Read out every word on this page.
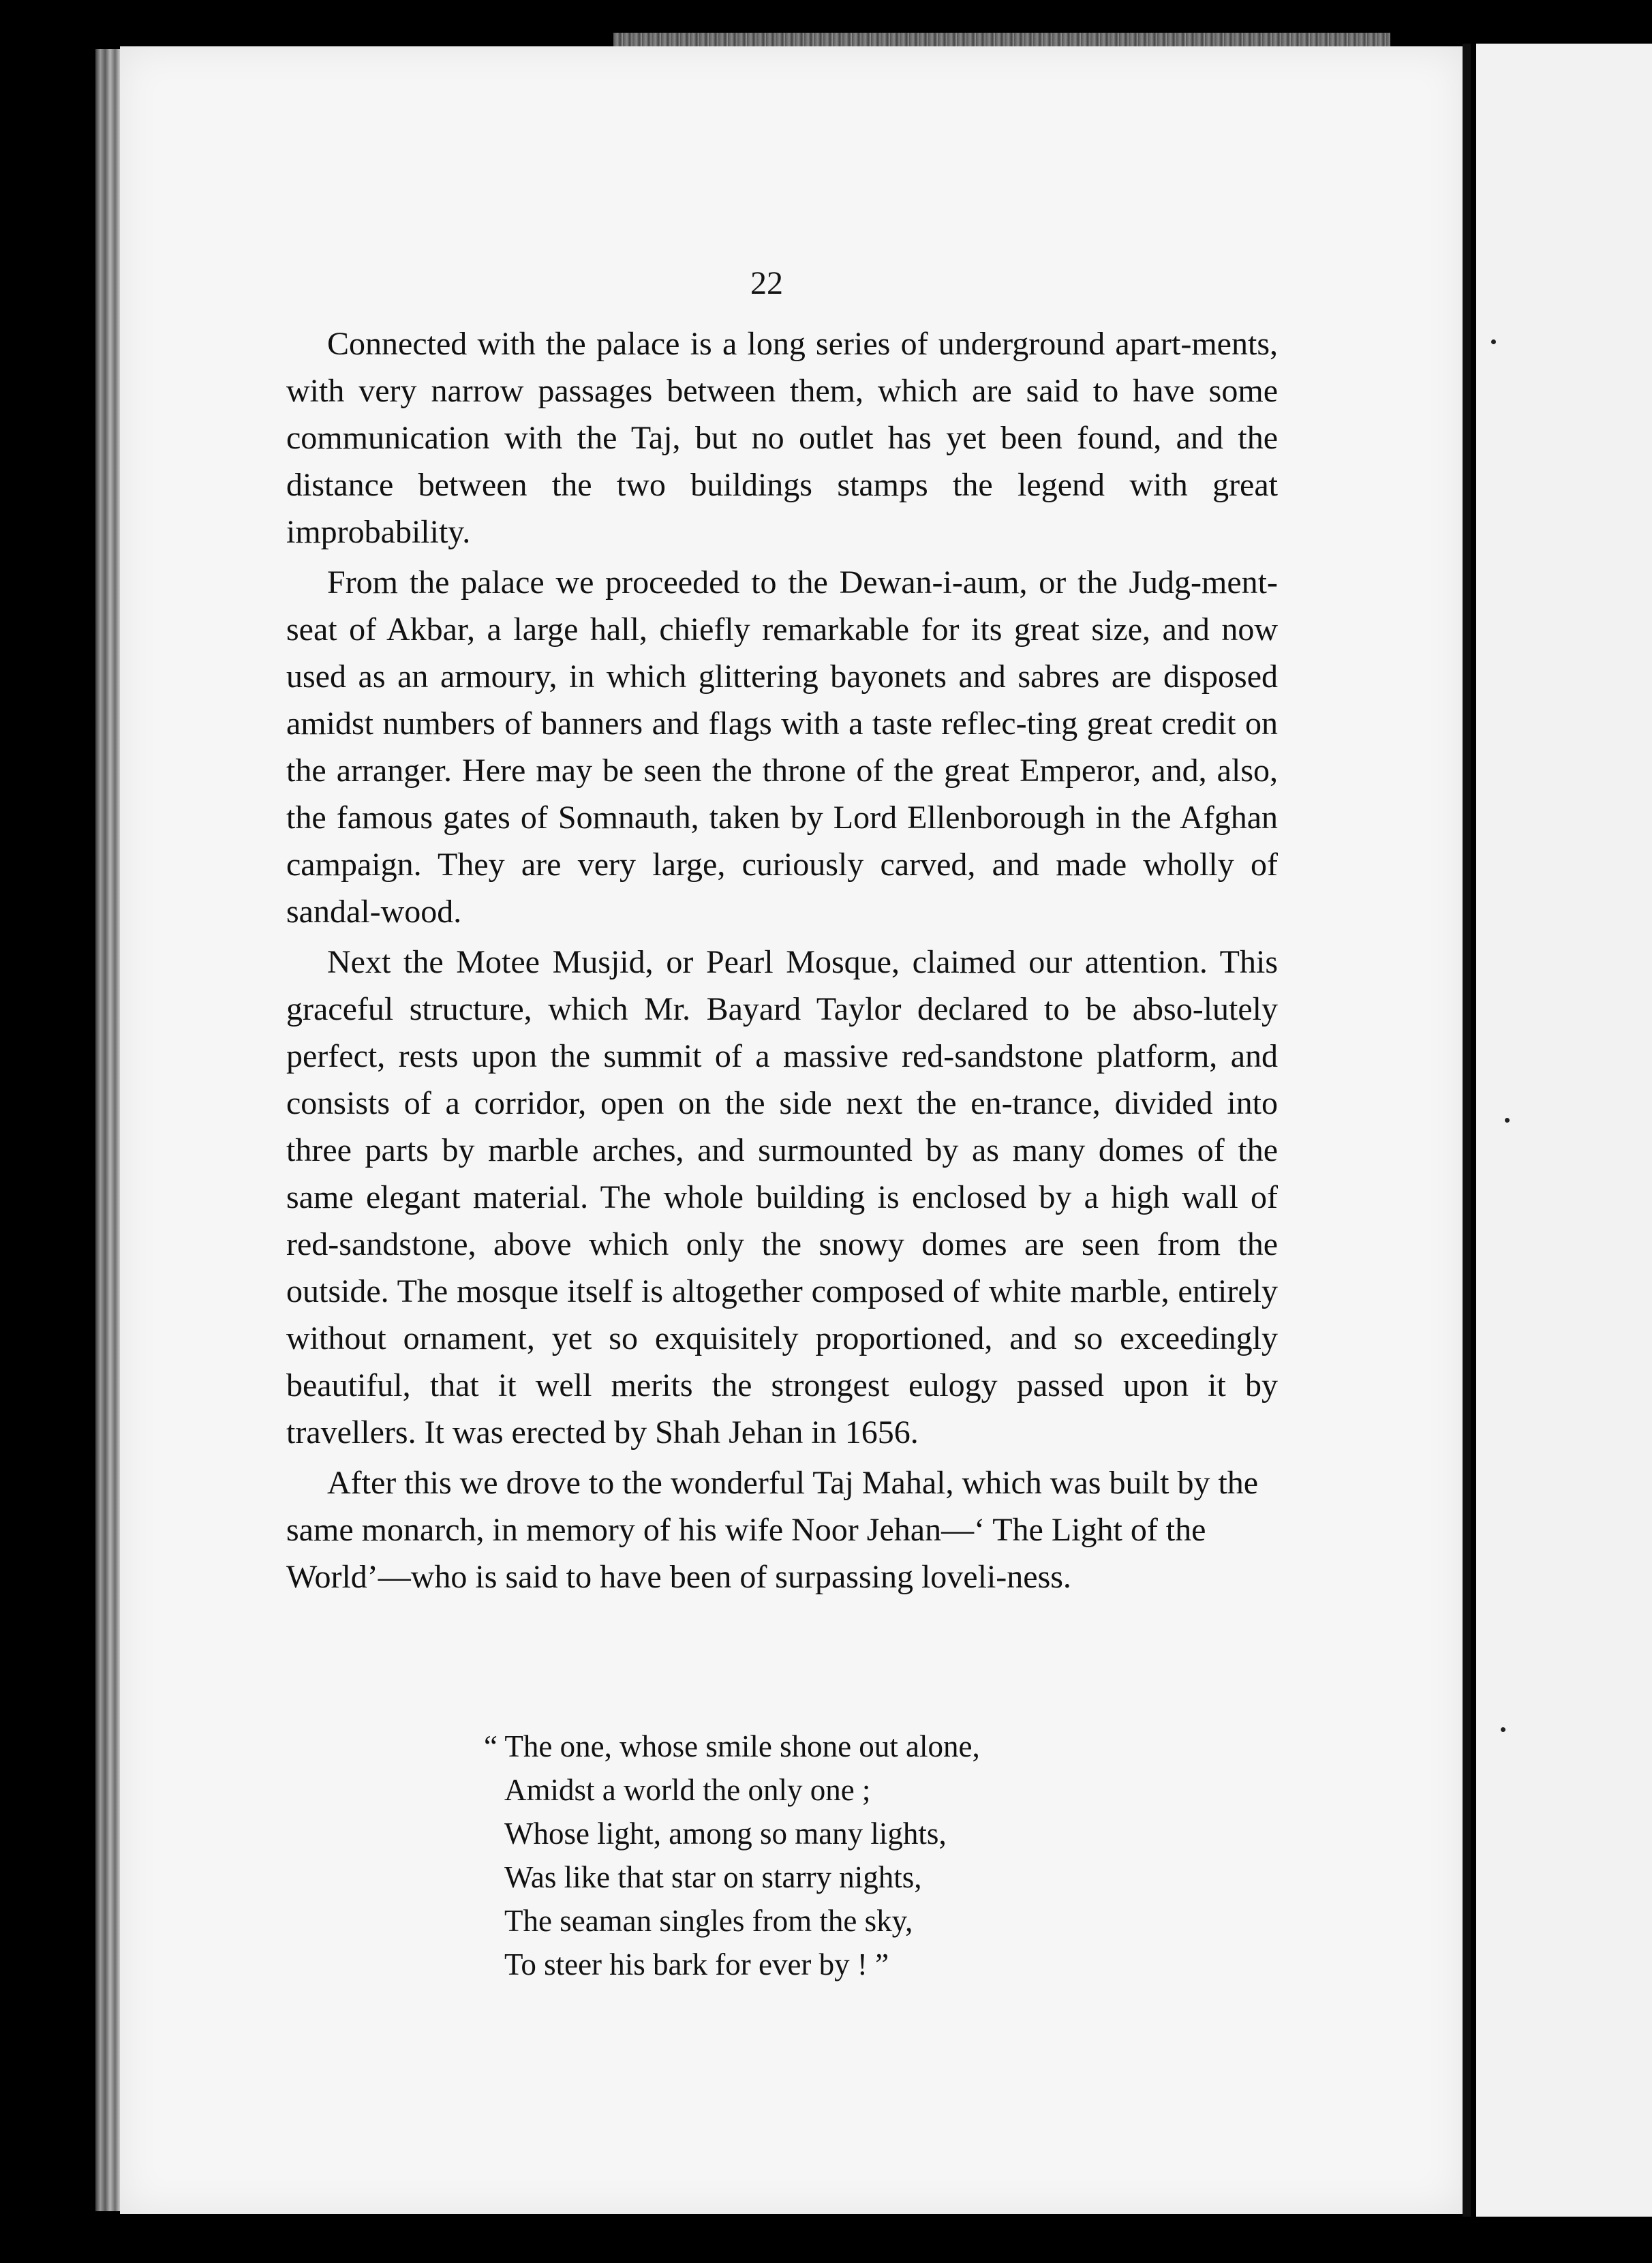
22

Connected with the palace is a long series of underground apart-ments, with very narrow passages between them, which are said to have some communication with the Taj, but no outlet has yet been found, and the distance between the two buildings stamps the legend with great improbability.

From the palace we proceeded to the Dewan-i-aum, or the Judg-ment-seat of Akbar, a large hall, chiefly remarkable for its great size, and now used as an armoury, in which glittering bayonets and sabres are disposed amidst numbers of banners and flags with a taste reflec-ting great credit on the arranger. Here may be seen the throne of the great Emperor, and, also, the famous gates of Somnauth, taken by Lord Ellenborough in the Afghan campaign. They are very large, curiously carved, and made wholly of sandal-wood.

Next the Motee Musjid, or Pearl Mosque, claimed our attention. This graceful structure, which Mr. Bayard Taylor declared to be abso-lutely perfect, rests upon the summit of a massive red-sandstone platform, and consists of a corridor, open on the side next the en-trance, divided into three parts by marble arches, and surmounted by as many domes of the same elegant material. The whole building is enclosed by a high wall of red-sandstone, above which only the snowy domes are seen from the outside. The mosque itself is altogether composed of white marble, entirely without ornament, yet so exquisitely proportioned, and so exceedingly beautiful, that it well merits the strongest eulogy passed upon it by travellers. It was erected by Shah Jehan in 1656.

After this we drove to the wonderful Taj Mahal, which was built by the same monarch, in memory of his wife Noor Jehan—‘ The Light of the World’—who is said to have been of surpassing loveli-ness.

“ The one, whose smile shone out alone,
Amidst a world the only one ;
Whose light, among so many lights,
Was like that star on starry nights,
The seaman singles from the sky,
To steer his bark for ever by ! ”
